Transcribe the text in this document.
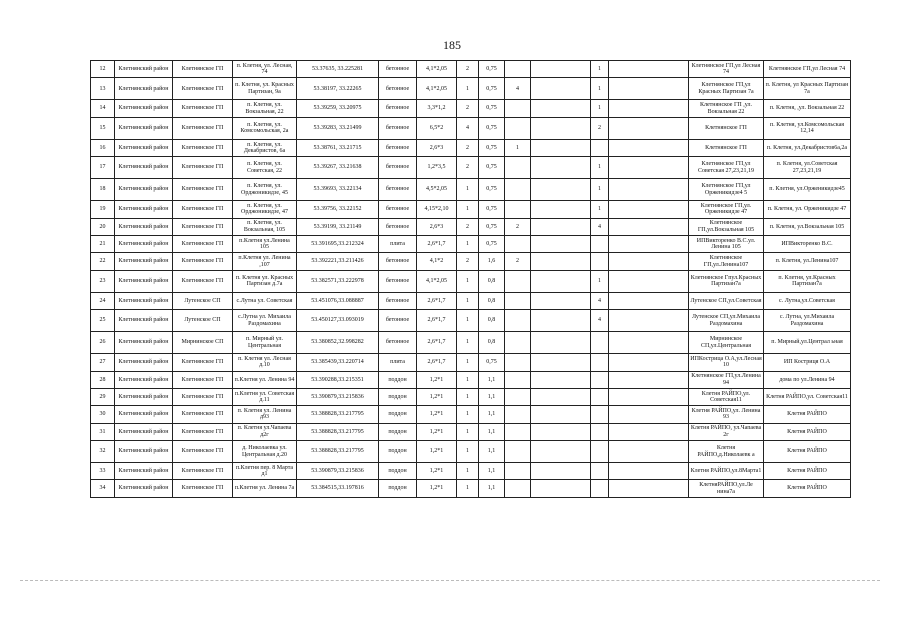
185
12	Клетнянский район	Клетнянское ГП	п. Клетня, ул. Лесная, 74	53.37635, 33.225281	бетонное	4,1*2,05	2	0,75			1		Клетнянское ГП,ул Лесная 74	Клетнянское ГП,ул Лесная 74
13	Клетнянский район	Клетнянское ГП	п. Клетня, ул. Красных Партизан, 9а	53.38197, 33.22265	бетонное	4,1*2,05	1	0,75	4		1		Клетнянское ГП,ул Красных Партизан 7а	п. Клетня, ул Красных Партизан 7а
14	Клетнянский район	Клетнянское ГП	п. Клетня, ул. Вокзальная, 22	53.39259, 33.20975	бетонное	3,3*1,2	2	0,75			1		Клетнянское ГП ,ул. Вокзальная 22	п. Клетня, ,ул. Вокзальная 22
15	Клетнянский район	Клетнянское ГП	п. Клетня, ул. Комсомольская, 2а	53.39283, 33.21499	бетонное	6,5*2	4	0,75			2		Клетнянское ГП	п. Клетня, ул.Комсомольская 12,14
16	Клетнянский район	Клетнянское ГП	п. Клетня, ул. Декабристов, 6а	53.38761, 33.21715	бетонное	2,6*3	2	0,75	1				Клетнянское ГП	п. Клетня, ул.Декабристов6а,2а
17	Клетнянский район	Клетнянское ГП	п. Клетня, ул. Советская, 22	53.39267, 33.21638	бетонное	1,2*3,5	2	0,75			1		Клетнянское ГП,ул Советская 27,23,21,19	п. Клетня, ул.Советская 27,23,21,19
18	Клетнянский район	Клетнянское ГП	п. Клетня, ул. Орджоникидзе, 45	53.39693, 33.22134	бетонное	4,5*2,05	1	0,75			1		Клетнянское ГП,ул Орженикидзе4 5	п. Клетня, ул.Орженикидзе45
19	Клетнянский район	Клетнянское ГП	п. Клетня, ул. Орджоникидзе, 47	53.39756, 33.22152	бетонное	4,15*2,10	1	0,75			1		Клетнянское ГП,ул. Орженикидзе 47	п. Клетня, ул. Орженикидзе 47
20	Клетнянский район	Клетнянское ГП	п. Клетня, ул. Вокзальная, 105	53.39199, 33.21149	бетонное	2,6*3	2	0,75	2		4		Клетнянское ГП,ул.Вокзальная 105	п. Клетня, ул.Вокзальная 105
21	Клетнянский район	Клетнянское ГП	п.Клетня ул.Ленина 105	53.391695,33.212324	плита	2,6*1,7	1	0,75					ИПВикторенко В.С.ул. Ленина 105	ИПВикторенко В.С.
22	Клетнянский район	Клетнянское ГП	п.Клетня ул. Ленина ,107	53.392221,33.211426	бетонное	4,1*2	2	1,6	2				Клетнянское ГП,ул.Ленина107	п. Клетня, ул.Ленина107
23	Клетнянский район	Клетнянское ГП	п. Клетня ул. Красных Партизан д.7а	53.382571,33.222978	бетонное	4,1*2,05	1	0,8			1		Клетнянское Гпул.Красных Партизан7а	п. Клетня, ул.Красных Партизан7а
24	Клетнянский район	Лутенское СП	с.Лутна ул. Советская	53.451076,33.088887	бетонное	2,6*1,7	1	0,8			4		Лутенское СП,ул.Советская	с. Лутна,ул.Советская
25	Клетнянский район	Лутенское СП	с.Лутна ул. Михаила Раздомахина	53.450127,33.093019	бетонное	2,6*1,7	1	0,8			4		Лутенское СП,ул.Михаила Раздомахина	с. Лутна, ул.Михаила Раздомахина
26	Клетнянский район	Мирнинское СП	п. Мирный ул. Центральная	53.380852,32.998282	бетонное	2,6*1,7	1	0,8					Мирнинское СП,ул.Центральная	п. Мирный,ул.Централ ьная
27	Клетнянский район	Клетнянское ГП	п. Клетня ул. Лесная д.10	53.385439,33.220714	плита	2,6*1,7	1	0,75					ИПКострица О.А,ул.Лесная 10	ИП Костриця О.А
28	Клетнянский район	Клетнянское ГП	п.Клетня ул. Ленина 94	53.390288,33.215351	поддон	1,2*1	1	1,1					Клетнянское ГП,ул.Ленина 94	дома по ул.Ленина 94
29	Клетнянский район	Клетнянское ГП	п.Клетня ул. Советская д.11	53.390879,33.215836	поддон	1,2*1	1	1,1					Клетня РАЙПО,ул. Советская11	Клетня РАЙПО,ул. Советская11
30	Клетнянский район	Клетнянское ГП	п. Клетня ул. Ленина д93	53.388828,33.217795	поддон	1,2*1	1	1,1					Клетня РАЙПО,ул. Ленина 93	Клетня РАЙПО
31	Клетнянский район	Клетнянское ГП	п. Клетня ул.Чапаева д2г	53.388828,33.217795	поддон	1,2*1	1	1,1					Клетня РАЙПО, ул.Чапаева 2г	Клетня РАЙПО
32	Клетнянский район	Клетнянское ГП	д. Николаевка ул. Центральная д.20	53.388828,33.217795	поддон	1,2*1	1	1,1					Клетня РАЙПО,д.Николаевк а	Клетня РАЙПО
33	Клетнянский район	Клетнянское ГП	п.Клетня пер. 8 Марта д1	53.390879,33.215836	поддон	1,2*1	1	1,1					Клетня РАЙПО,ул.8Марта1	Клетня РАЙПО
34	Клетнянский район	Клетнянское ГП	п.Клетня ул. Ленина 7а	53.384515,33.197816	поддон	1,2*1	1	1,1					КлетняРАЙПО,ул.Ле нина7а	Клетня РАЙПО
